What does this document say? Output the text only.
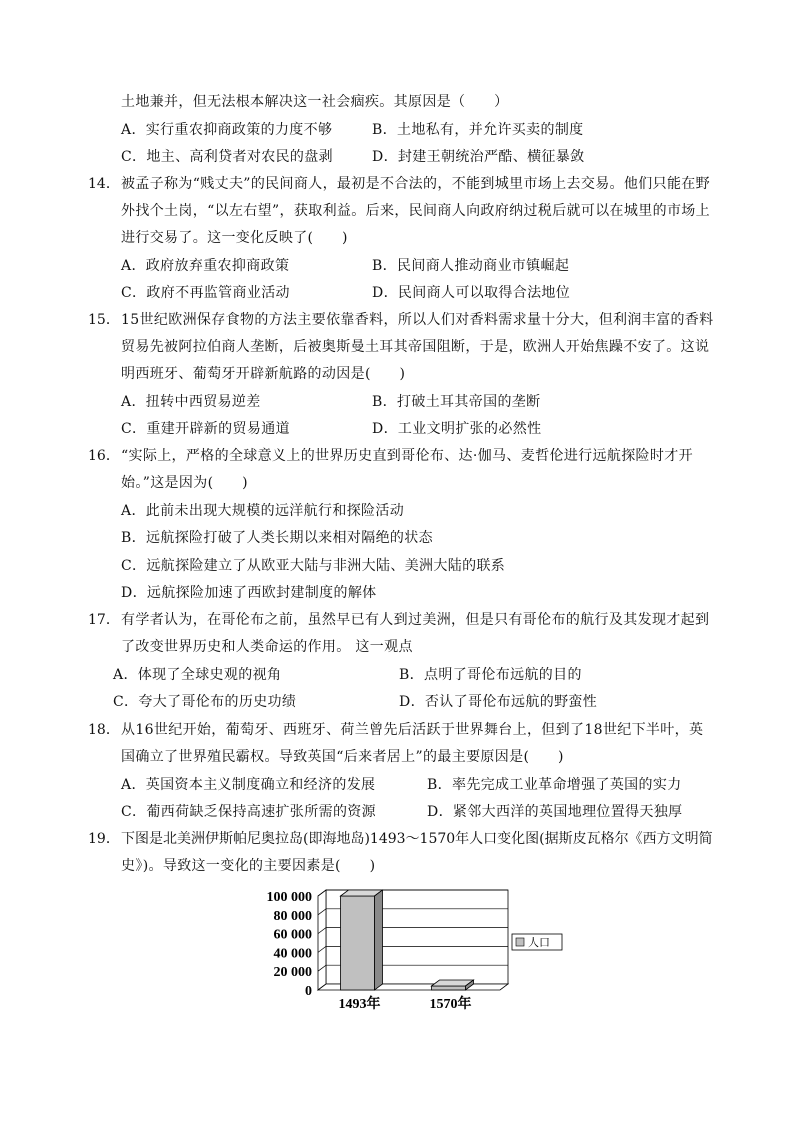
土地兼并，但无法根本解决这一社会痼疾。其原因是（　　）
A．实行重农抑商政策的力度不够	B．土地私有，并允许买卖的制度
C．地主、高利贷者对农民的盘剥	D．封建王朝统治严酷、横征暴敛
14． 被孟子称为“贱丈夫”的民间商人，最初是不合法的，不能到城里市场上去交易。他们只能在野
外找个土岗，“以左右望”，获取利益。后来，民间商人向政府纳过税后就可以在城里的市场上
进行交易了。这一变化反映了(　　)
A．政府放弃重农抑商政策	B．民间商人推动商业市镇崛起
C．政府不再监管商业活动	D．民间商人可以取得合法地位
15． 15世纪欧洲保存食物的方法主要依靠香料，所以人们对香料需求量十分大，但利润丰富的香料
贸易先被阿拉伯商人垄断，后被奥斯曼土耳其帝国阻断，于是，欧洲人开始焦躁不安了。这说
明西班牙、葡萄牙开辟新航路的动因是(　　)
A．扭转中西贸易逆差	B．打破土耳其帝国的垄断
C．重建开辟新的贸易通道	D．工业文明扩张的必然性
16． “实际上，严格的全球意义上的世界历史直到哥伦布、达·伽马、麦哲伦进行远航探险时才开
始。”这是因为(　　)
A．此前未出现大规模的远洋航行和探险活动
B．远航探险打破了人类长期以来相对隔绝的状态
C．远航探险建立了从欧亚大陆与非洲大陆、美洲大陆的联系
D．远航探险加速了西欧封建制度的解体
17． 有学者认为，在哥伦布之前，虽然早已有人到过美洲，但是只有哥伦布的航行及其发现才起到
了改变世界历史和人类命运的作用。 这一观点
A．体现了全球史观的视角	B．点明了哥伦布远航的目的
C．夸大了哥伦布的历史功绩	D．否认了哥伦布远航的野蛮性
18． 从16世纪开始，葡萄牙、西班牙、荷兰曾先后活跃于世界舞台上，但到了18世纪下半叶，英
国确立了世界殖民霸权。导致英国“后来者居上”的最主要原因是(　　)
A．英国资本主义制度确立和经济的发展	B．率先完成工业革命增强了英国的实力
C．葡西荷缺乏保持高速扩张所需的资源	D．紧邻大西洋的英国地理位置得天独厚
19． 下图是北美洲伊斯帕尼奥拉岛(即海地岛)1493～1570年人口变化图(据斯皮瓦格尔《西方文明简
史》)。导致这一变化的主要因素是(　　)
100 000
80 000
60 000
40 000
20 000
0
1493年	1570年
人口
